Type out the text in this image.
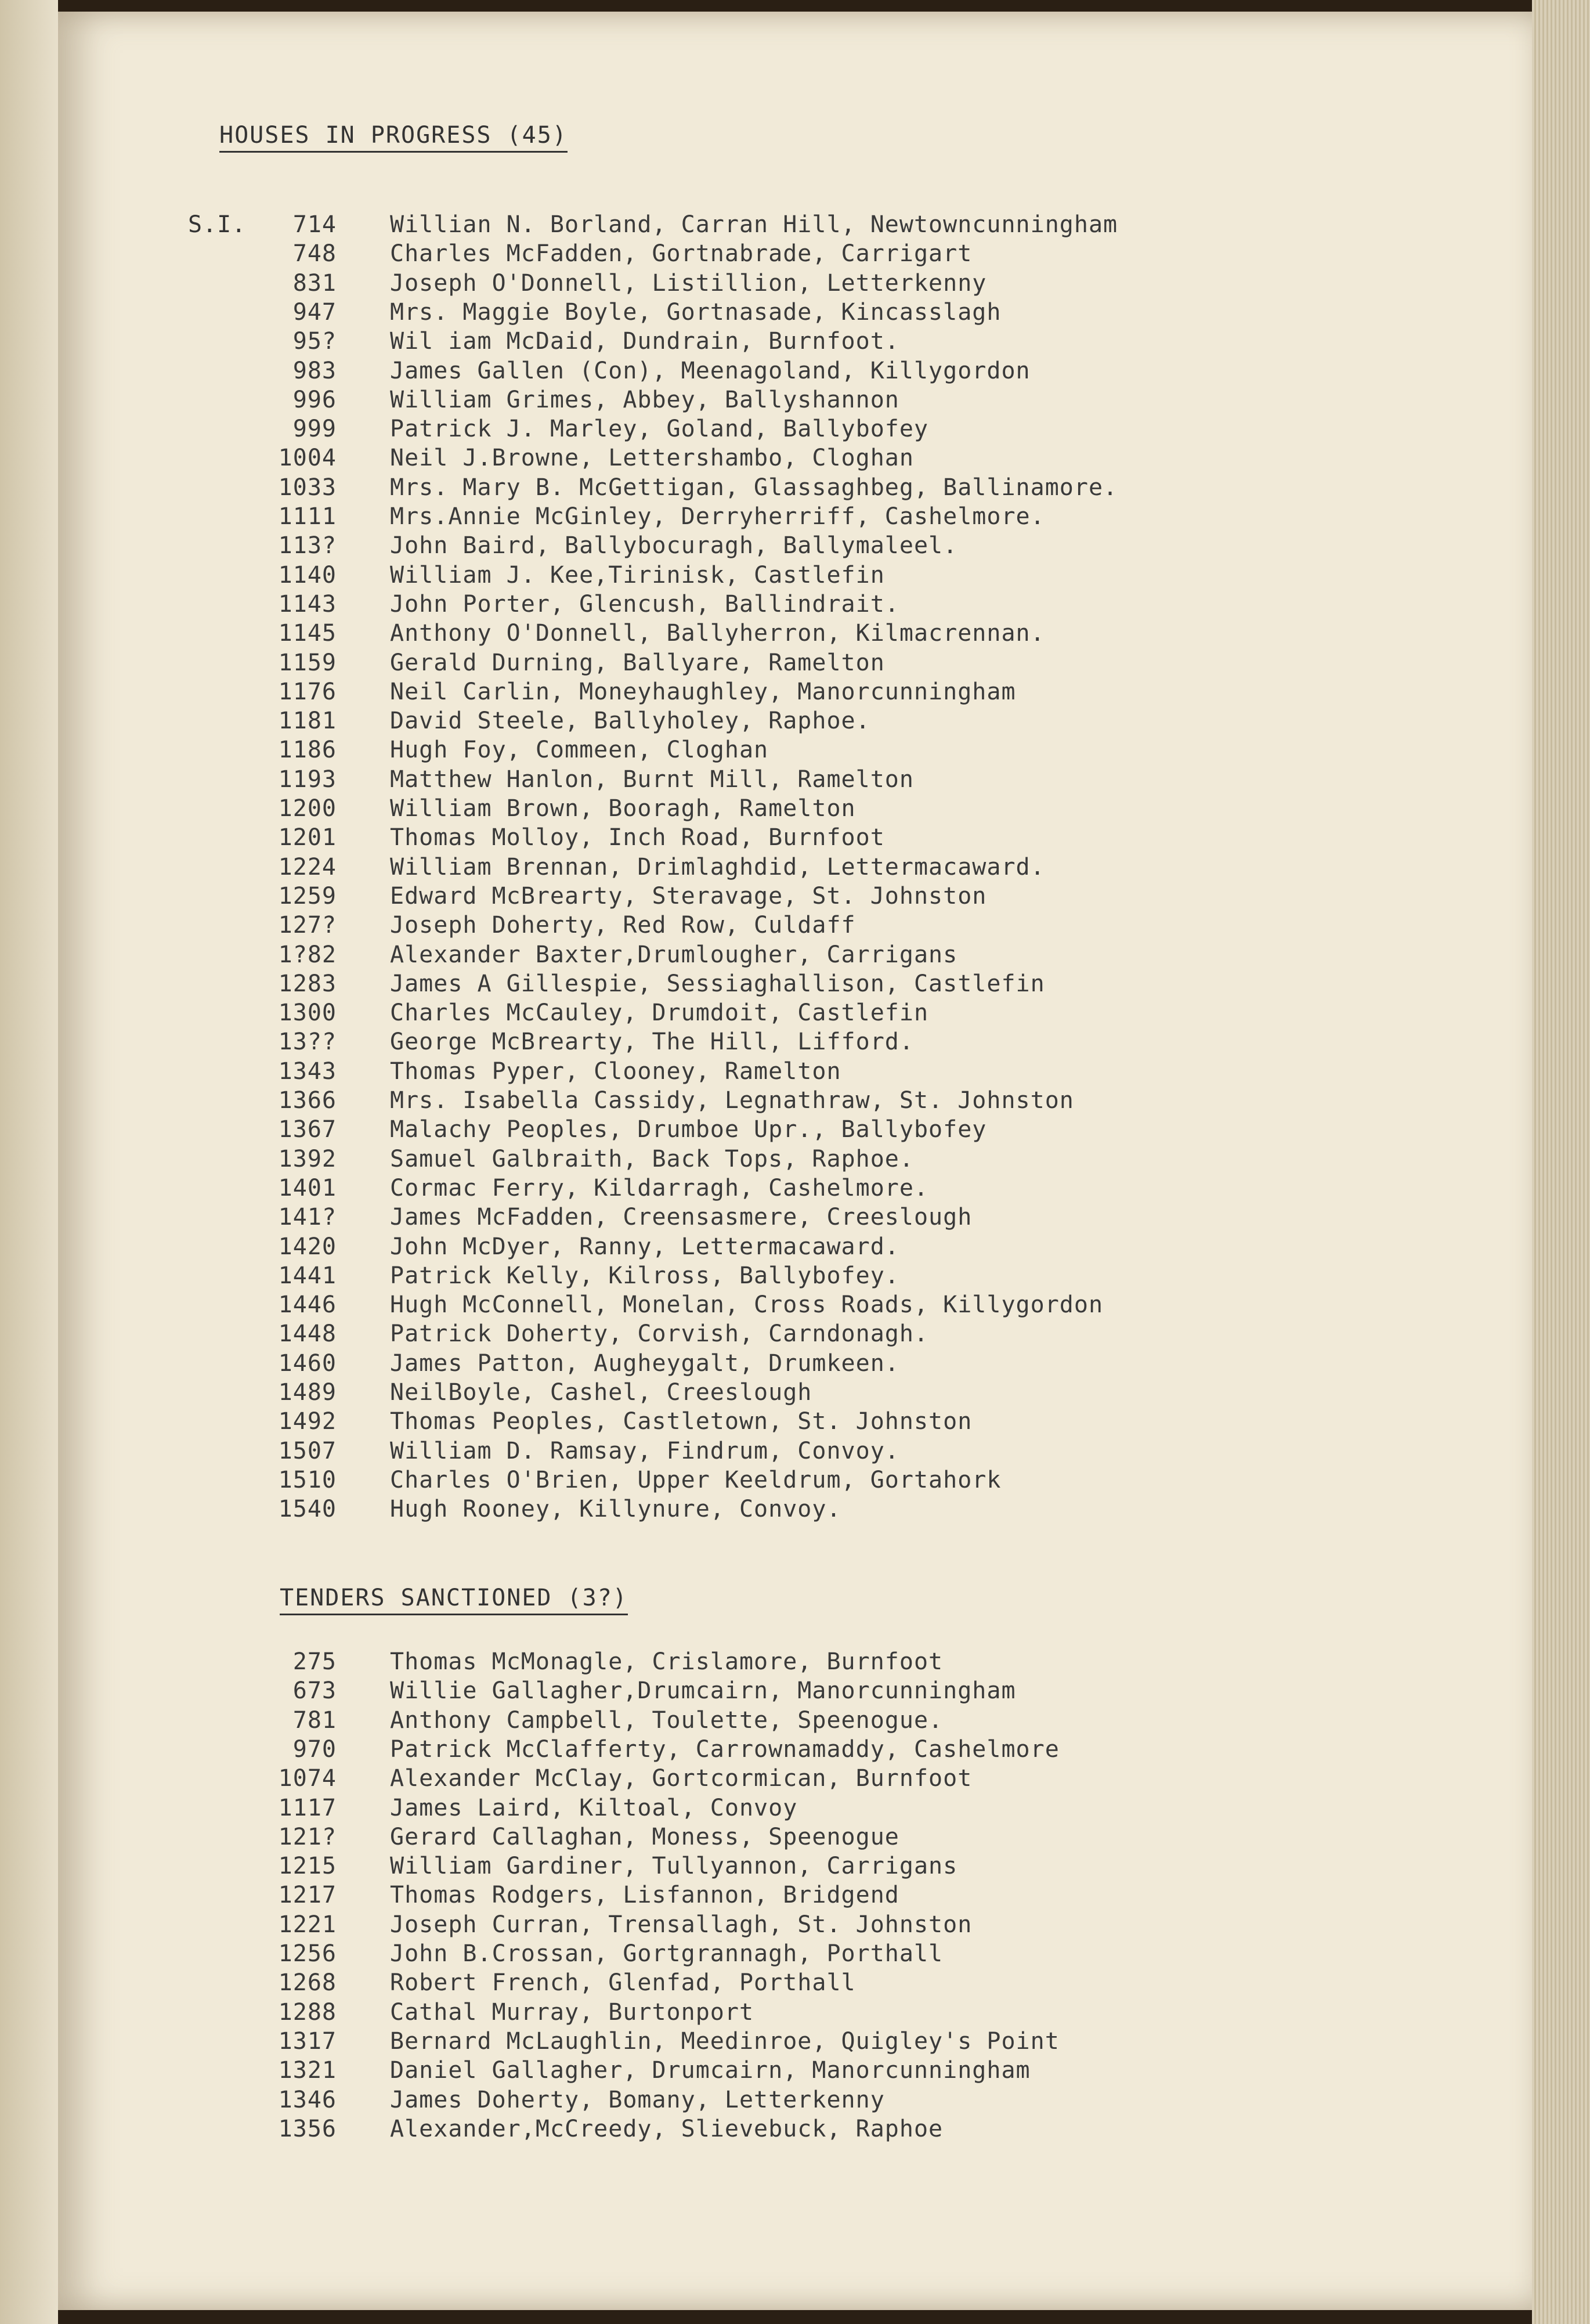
HOUSES IN PROGRESS (45)
S.I.	714 Willian N. Borland, Carran Hill, Newtowncunningham
748 Charles McFadden, Gortnabrade, Carrigart
831 Joseph O'Donnell, Listillion, Letterkenny
947 Mrs. Maggie Boyle, Gortnasade, Kincasslagh
95? Wil iam McDaid, Dundrain, Burnfoot.
983 James Gallen (Con), Meenagoland, Killygordon
996 William Grimes, Abbey, Ballyshannon
999 Patrick J. Marley, Goland, Ballybofey
1004 Neil J.Browne, Lettershambo, Cloghan
1033 Mrs. Mary B. McGettigan, Glassaghbeg, Ballinamore.
1111 Mrs.Annie McGinley, Derryherriff, Cashelmore.
113? John Baird, Ballybocuragh, Ballymaleel.
1140 William J. Kee,Tirinisk, Castlefin
1143 John Porter, Glencush, Ballindrait.
1145 Anthony O'Donnell, Ballyherron, Kilmacrennan.
1159 Gerald Durning, Ballyare, Ramelton
1176 Neil Carlin, Moneyhaughley, Manorcunningham
1181 David Steele, Ballyholey, Raphoe.
1186 Hugh Foy, Commeen, Cloghan
1193 Matthew Hanlon, Burnt Mill, Ramelton
1200 William Brown, Booragh, Ramelton
1201 Thomas Molloy, Inch Road, Burnfoot
1224 William Brennan, Drimlaghdid, Lettermacaward.
1259 Edward McBrearty, Steravage, St. Johnston
127? Joseph Doherty, Red Row, Culdaff
1?82 Alexander Baxter,Drumlougher, Carrigans
1283 James A Gillespie, Sessiaghallison, Castlefin
1300 Charles McCauley, Drumdoit, Castlefin
13?? George McBrearty, The Hill, Lifford.
1343 Thomas Pyper, Clooney, Ramelton
1366 Mrs. Isabella Cassidy, Legnathraw, St. Johnston
1367 Malachy Peoples, Drumboe Upr., Ballybofey
1392 Samuel Galbraith, Back Tops, Raphoe.
1401 Cormac Ferry, Kildarragh, Cashelmore.
141? James McFadden, Creensasmere, Creeslough
1420 John McDyer, Ranny, Lettermacaward.
1441 Patrick Kelly, Kilross, Ballybofey.
1446 Hugh McConnell, Monelan, Cross Roads, Killygordon
1448 Patrick Doherty, Corvish, Carndonagh.
1460 James Patton, Augheygalt, Drumkeen.
1489 NeilBoyle, Cashel, Creeslough
1492 Thomas Peoples, Castletown, St. Johnston
1507 William D. Ramsay, Findrum, Convoy.
1510 Charles O'Brien, Upper Keeldrum, Gortahork
1540 Hugh Rooney, Killynure, Convoy.
TENDERS SANCTIONED (3?)
275 Thomas McMonagle, Crislamore, Burnfoot
673 Willie Gallagher,Drumcairn, Manorcunningham
781 Anthony Campbell, Toulette, Speenogue.
970 Patrick McClafferty, Carrownamaddy, Cashelmore
1074 Alexander McClay, Gortcormican, Burnfoot
1117 James Laird, Kiltoal, Convoy
121? Gerard Callaghan, Moness, Speenogue
1215 William Gardiner, Tullyannon, Carrigans
1217 Thomas Rodgers, Lisfannon, Bridgend
1221 Joseph Curran, Trensallagh, St. Johnston
1256 John B.Crossan, Gortgrannagh, Porthall
1268 Robert French, Glenfad, Porthall
1288 Cathal Murray, Burtonport
1317 Bernard McLaughlin, Meedinroe, Quigley's Point
1321 Daniel Gallagher, Drumcairn, Manorcunningham
1346 James Doherty, Bomany, Letterkenny
1356 Alexander,McCreedy, Slievebuck, Raphoe
